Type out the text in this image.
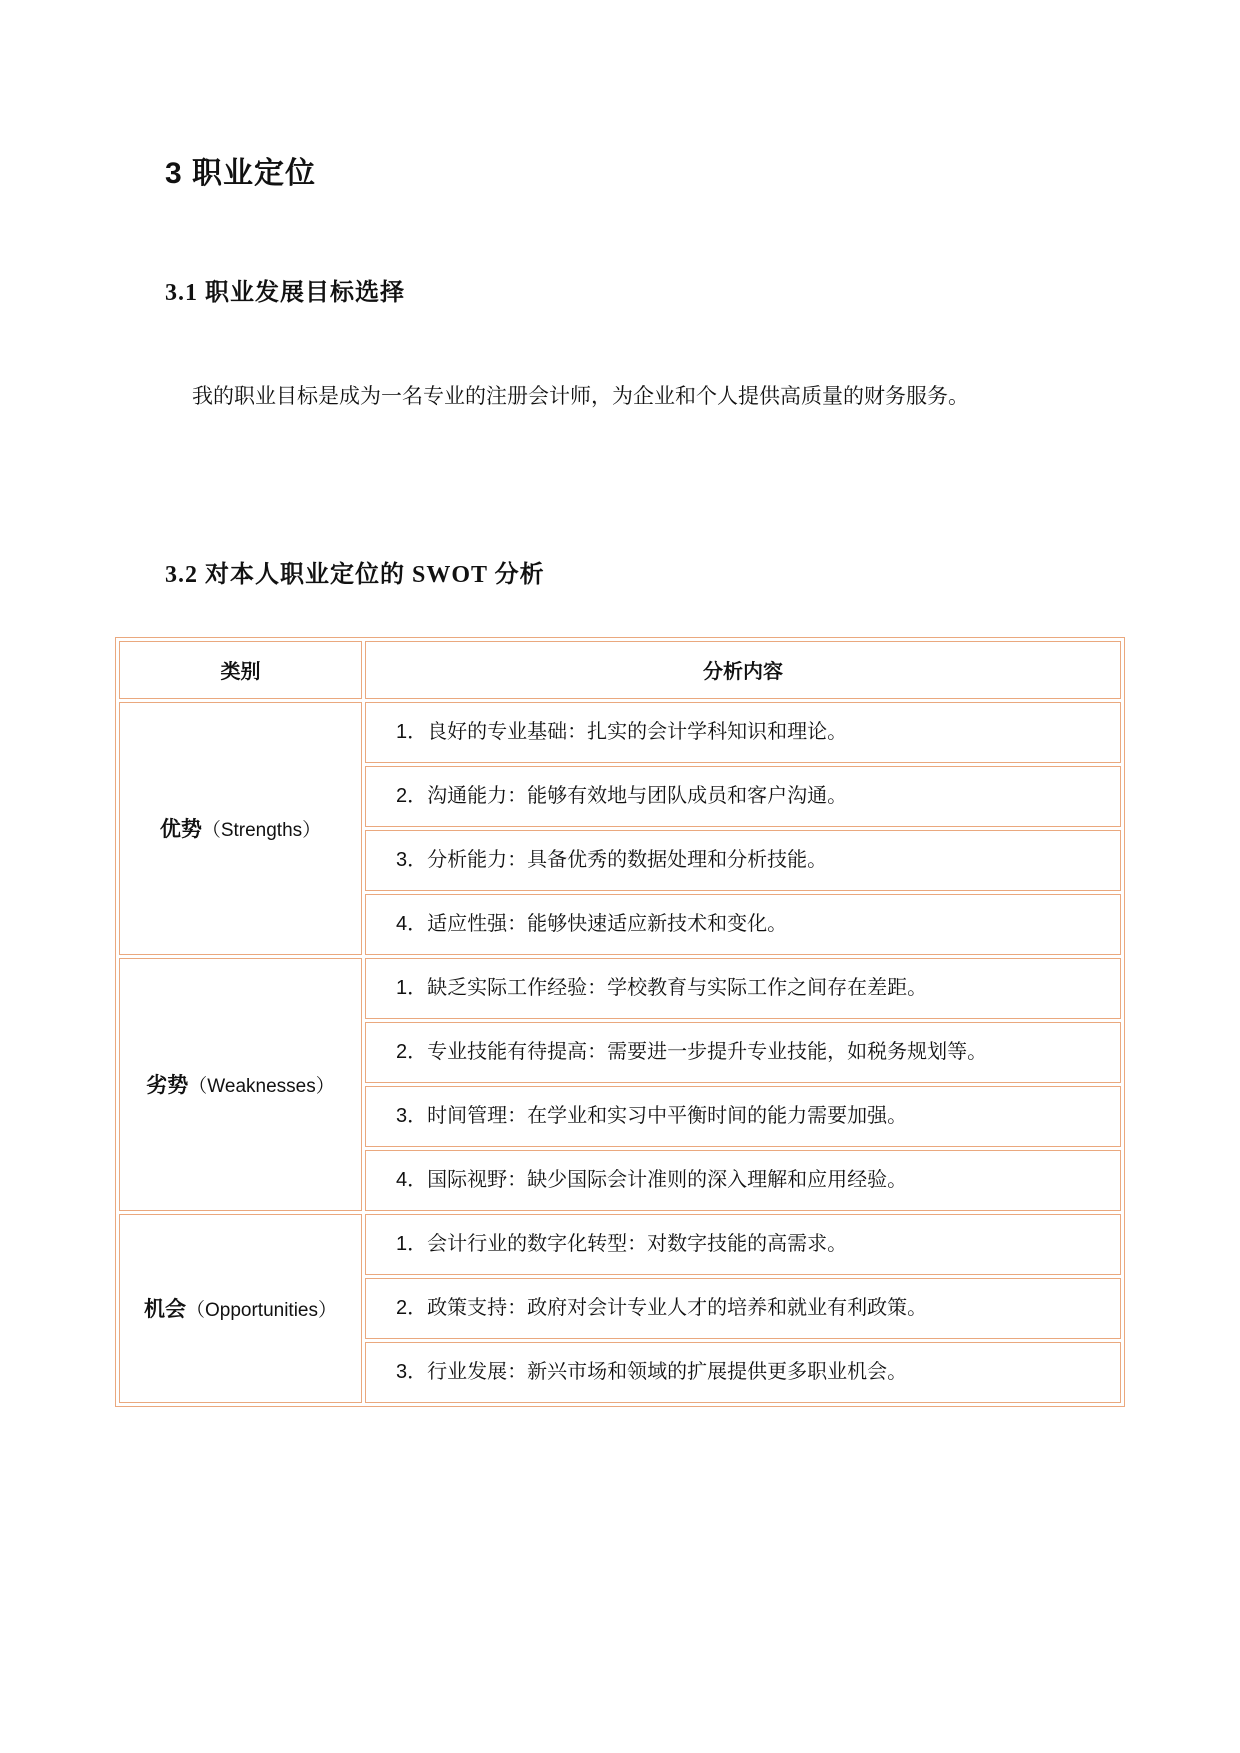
3 职业定位
3.1 职业发展目标选择

我的职业目标是成为一名专业的注册会计师，为企业和个人提供高质量的财务服务。

3.2 对本人职业定位的 SWOT 分析
类别	分析内容
优势（Strengths）	1．良好的专业基础：扎实的会计学科知识和理论。
	2．沟通能力：能够有效地与团队成员和客户沟通。
	3．分析能力：具备优秀的数据处理和分析技能。
	4．适应性强：能够快速适应新技术和变化。
劣势（Weaknesses）	1．缺乏实际工作经验：学校教育与实际工作之间存在差距。
	2．专业技能有待提高：需要进一步提升专业技能，如税务规划等。
	3．时间管理：在学业和实习中平衡时间的能力需要加强。
	4．国际视野：缺少国际会计准则的深入理解和应用经验。
机会（Opportunities）	1．会计行业的数字化转型：对数字技能的高需求。
	2．政策支持：政府对会计专业人才的培养和就业有利政策。
	3．行业发展：新兴市场和领域的扩展提供更多职业机会。
